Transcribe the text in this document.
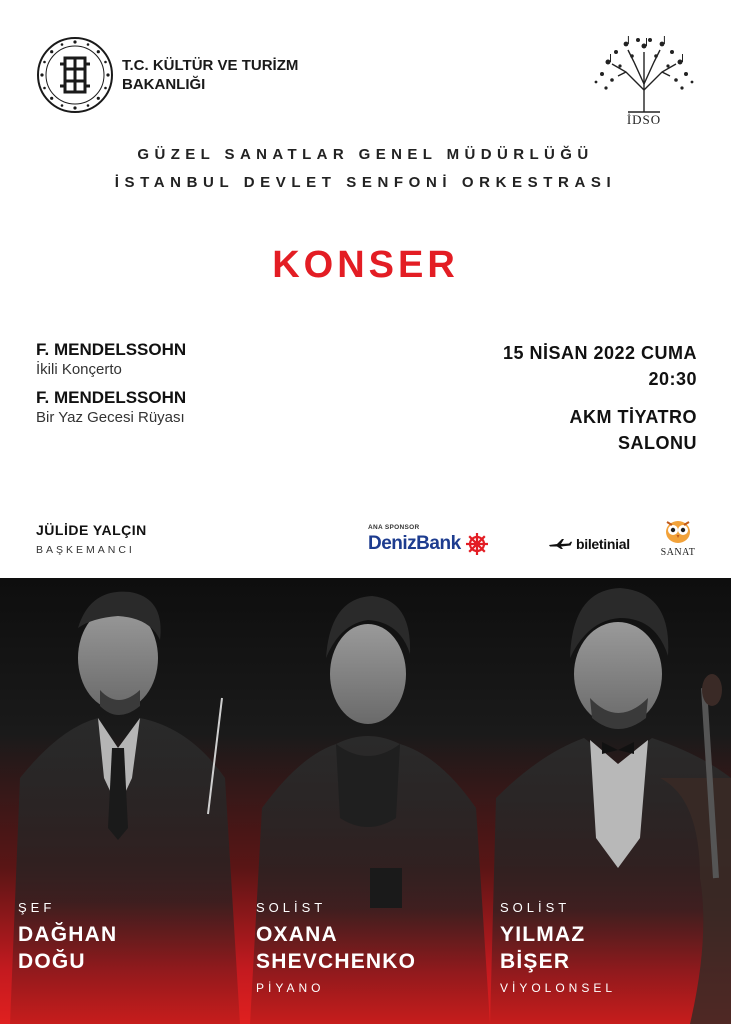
T.C. KÜLTÜR VE TURİZM
BAKANLIĞI
İDSO
GÜZEL SANATLAR GENEL MÜDÜRLÜĞÜ
İSTANBUL DEVLET SENFONİ ORKESTRASI
KONSER
F. MENDELSSOHN
İkili Konçerto
F. MENDELSSOHN
Bir Yaz Gecesi Rüyası
15 NİSAN 2022 CUMA
20:30
AKM TİYATRO
SALONU
JÜLİDE YALÇIN
BAŞKEMANCI
ANA SPONSOR
DenizBank	biletinial
SANAT
ŞEF
DAĞHAN
DOĞU
SOLİST
OXANA
SHEVCHENKO
PİYANO
SOLİST
YILMAZ
BİŞER
VİYOLONSEL
